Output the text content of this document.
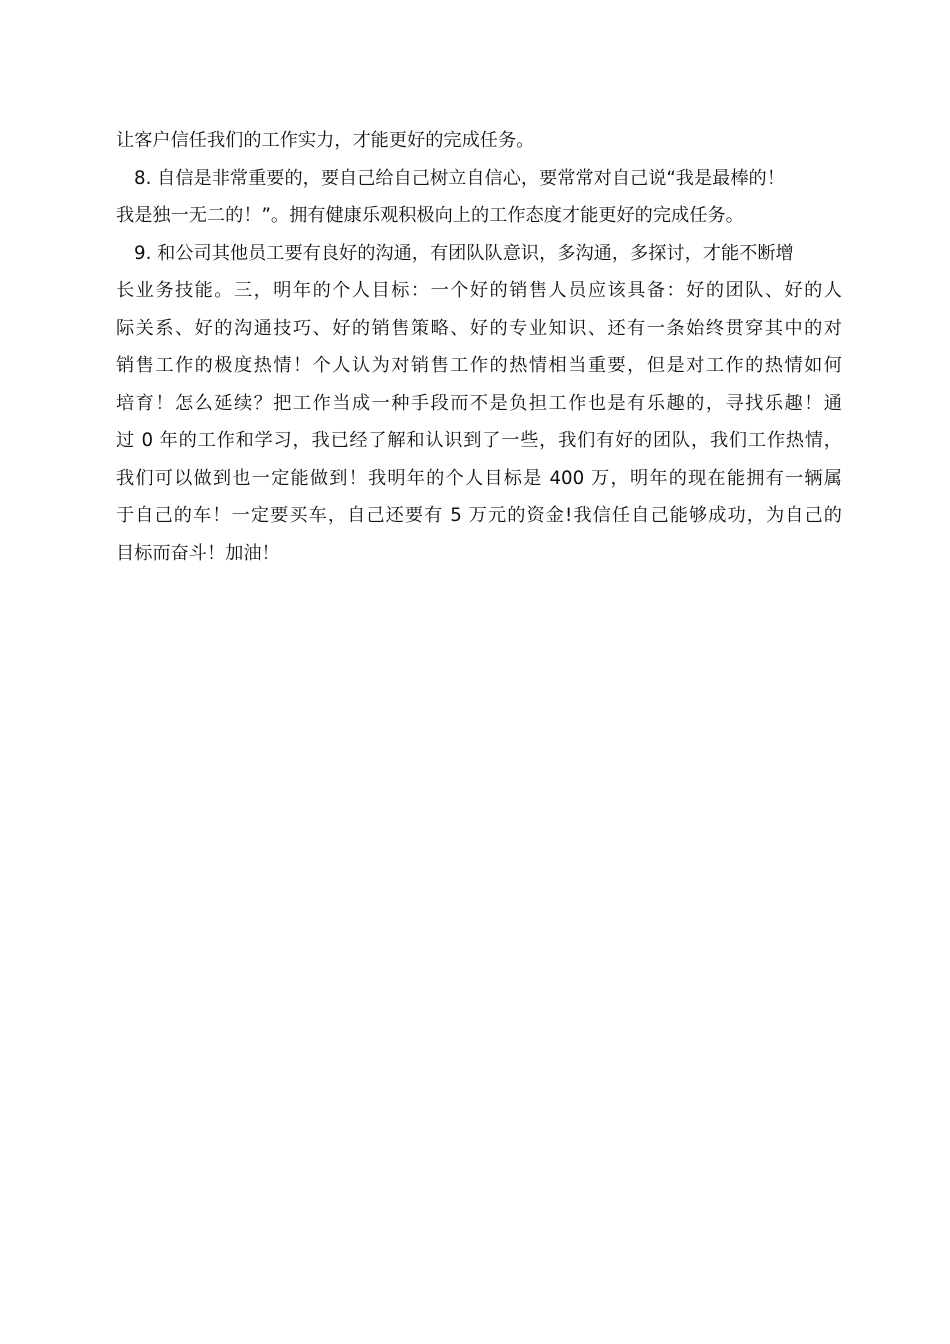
让客户信任我们的工作实力，才能更好的完成任务。
8. 自信是非常重要的，要自己给自己树立自信心，要常常对自己说“我是最棒的！
我是独一无二的！”。拥有健康乐观积极向上的工作态度才能更好的完成任务。
9. 和公司其他员工要有良好的沟通，有团队队意识，多沟通，多探讨，才能不断增
长业务技能。三，明年的个人目标：一个好的销售人员应该具备：好的团队、好的人
际关系、好的沟通技巧、好的销售策略、好的专业知识、还有一条始终贯穿其中的对
销售工作的极度热情！个人认为对销售工作的热情相当重要，但是对工作的热情如何
培育！怎么延续？把工作当成一种手段而不是负担工作也是有乐趣的，寻找乐趣！通
过 0 年的工作和学习，我已经了解和认识到了一些，我们有好的团队，我们工作热情，
我们可以做到也一定能做到！我明年的个人目标是 400 万，明年的现在能拥有一辆属
于自己的车！一定要买车，自己还要有 5 万元的资金!我信任自己能够成功，为自己的
目标而奋斗！加油！
